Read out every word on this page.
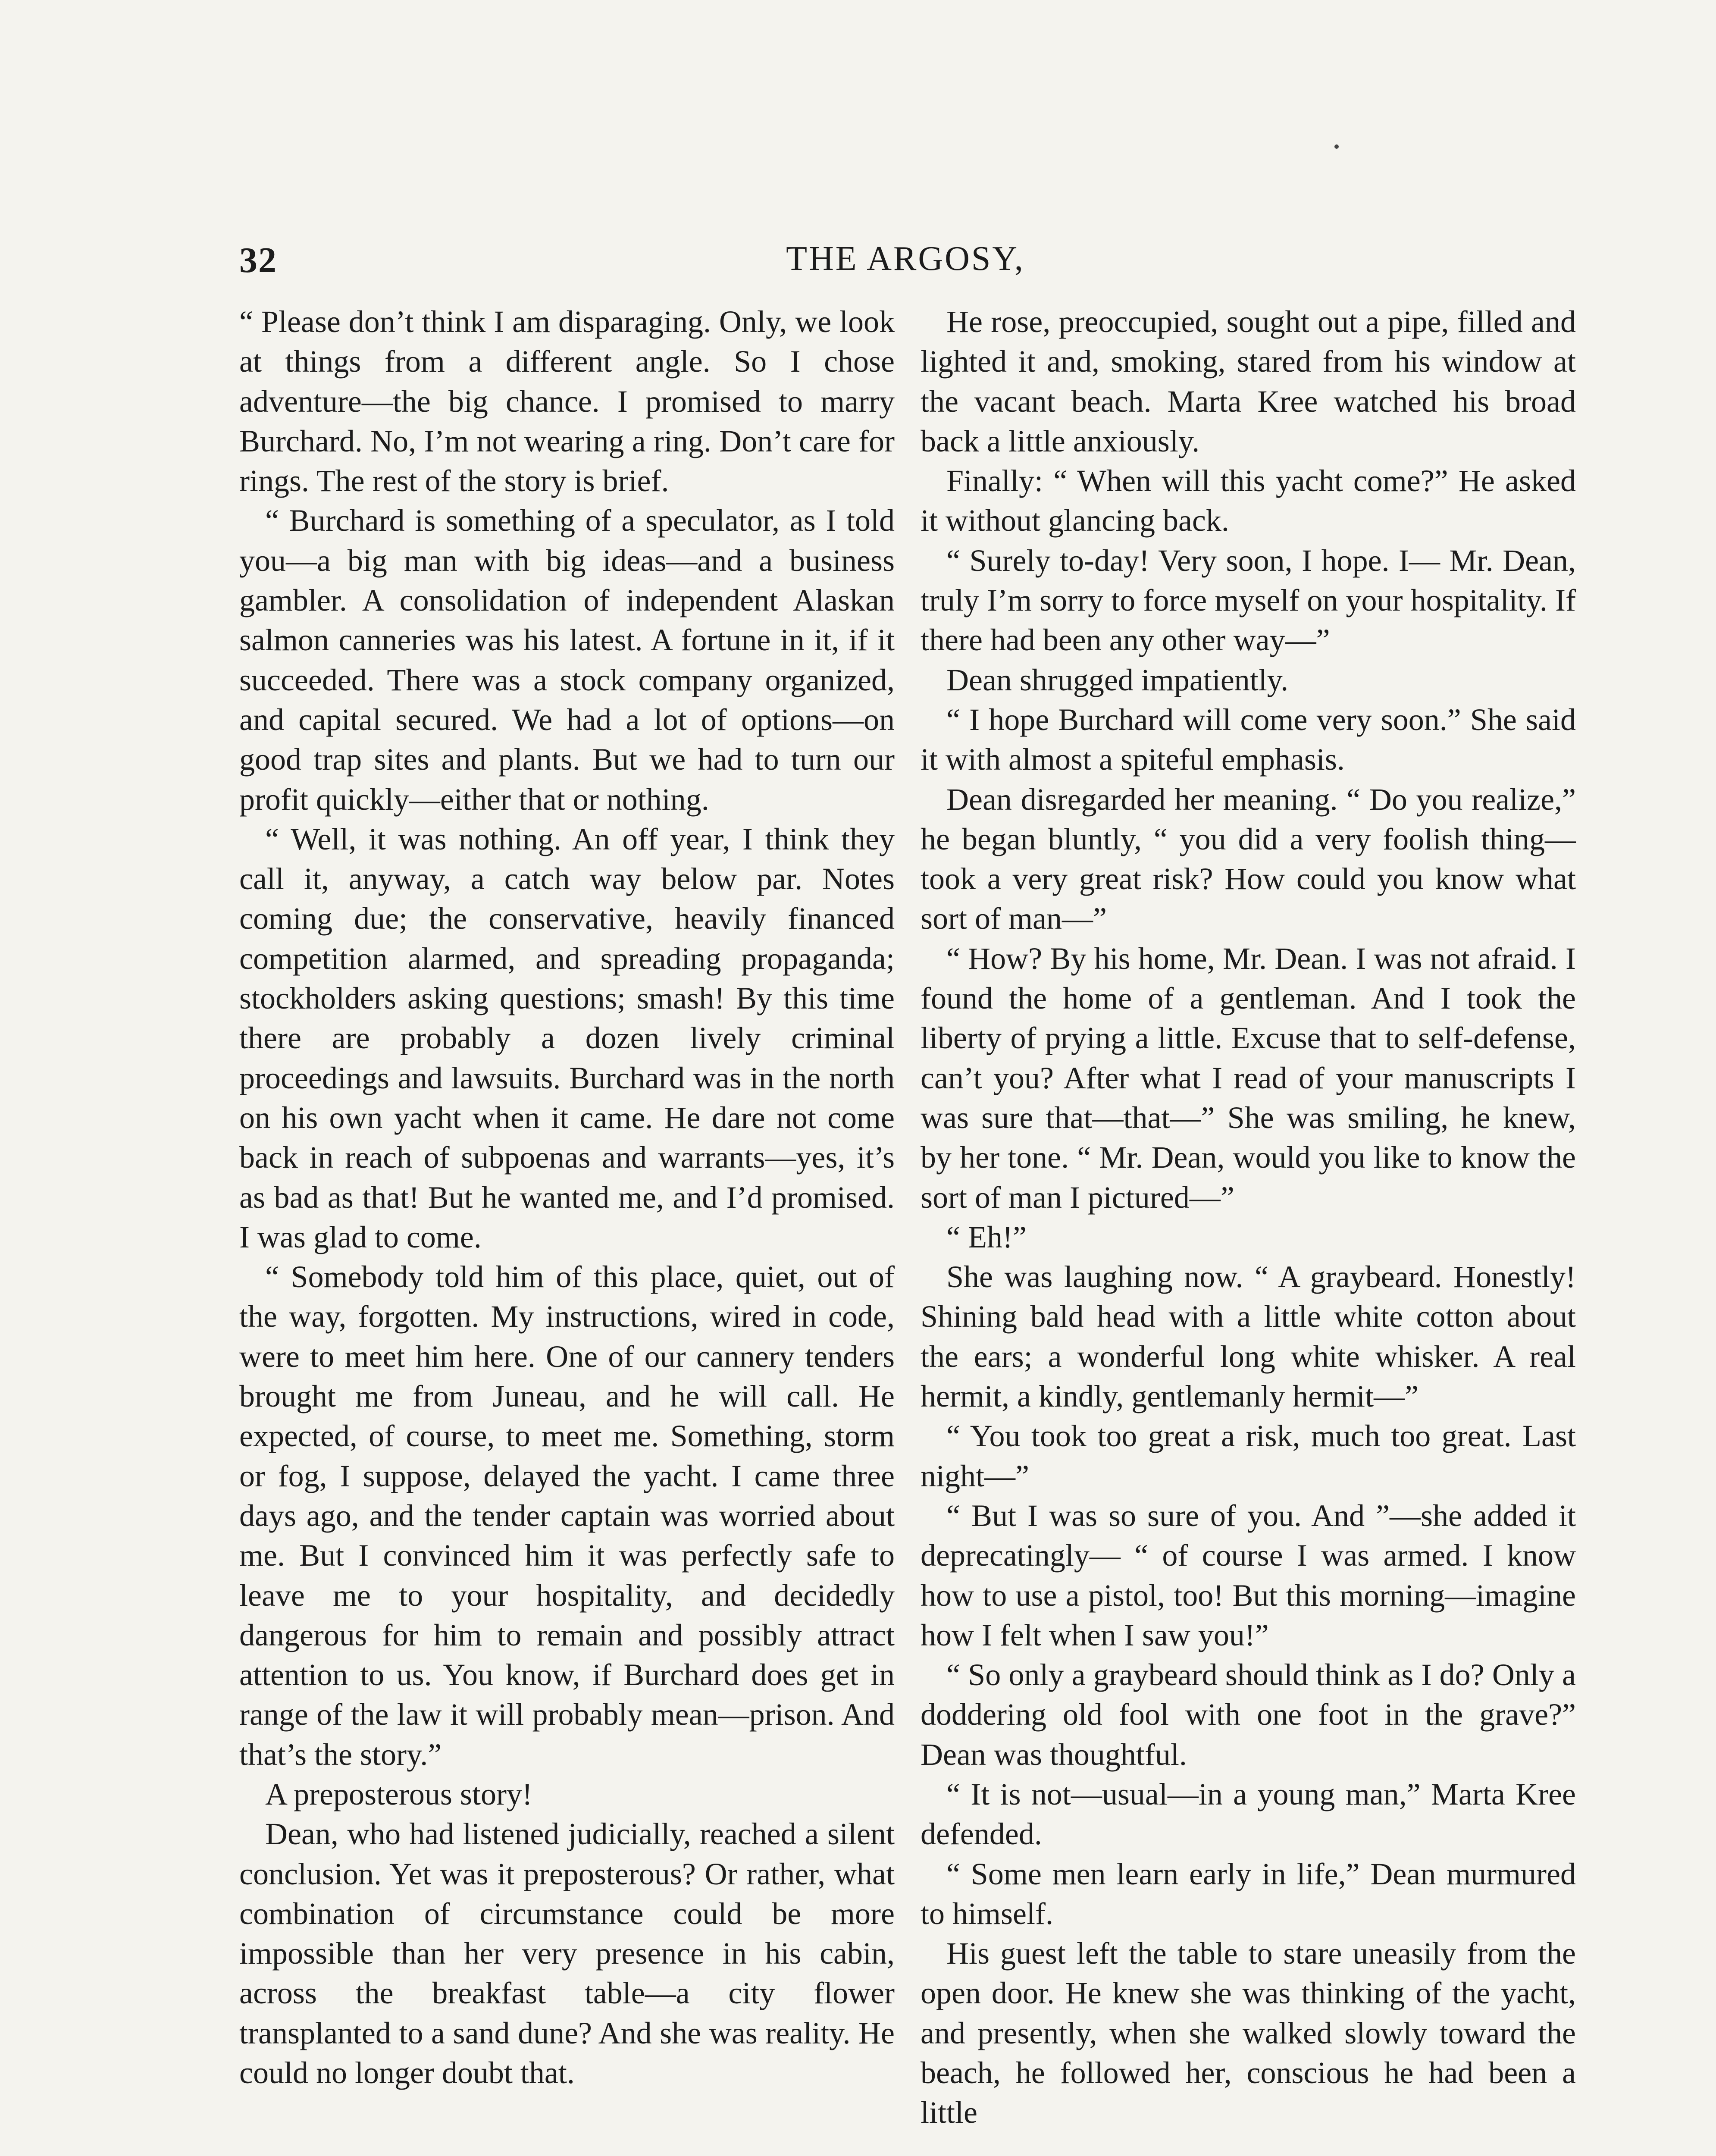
32	THE ARGOSY,

“ Please don’t think I am disparaging. Only, we look at things from a different angle. So I chose adventure—the big chance. I promised to marry Burchard. No, I’m not wearing a ring. Don’t care for rings. The rest of the story is brief.

“ Burchard is something of a speculator, as I told you—a big man with big ideas—and a business gambler. A consolidation of independent Alaskan salmon canneries was his latest. A fortune in it, if it succeeded. There was a stock company organized, and capital secured. We had a lot of options—on good trap sites and plants. But we had to turn our profit quickly—either that or nothing.

“ Well, it was nothing. An off year, I think they call it, anyway, a catch way below par. Notes coming due; the conservative, heavily financed competition alarmed, and spreading propaganda; stockholders asking questions; smash! By this time there are probably a dozen lively criminal proceedings and lawsuits. Burchard was in the north on his own yacht when it came. He dare not come back in reach of subpoenas and warrants—yes, it’s as bad as that! But he wanted me, and I’d promised. I was glad to come.

“ Somebody told him of this place, quiet, out of the way, forgotten. My instructions, wired in code, were to meet him here. One of our cannery tenders brought me from Juneau, and he will call. He expected, of course, to meet me. Something, storm or fog, I suppose, delayed the yacht. I came three days ago, and the tender captain was worried about me. But I convinced him it was perfectly safe to leave me to your hospitality, and decidedly dangerous for him to remain and possibly attract attention to us. You know, if Burchard does get in range of the law it will probably mean—prison. And that’s the story.”

A preposterous story!

Dean, who had listened judicially, reached a silent conclusion. Yet was it preposterous? Or rather, what combination of circumstance could be more impossible than her very presence in his cabin, across the breakfast table—a city flower transplanted to a sand dune? And she was reality. He could no longer doubt that.

He rose, preoccupied, sought out a pipe, filled and lighted it and, smoking, stared from his window at the vacant beach. Marta Kree watched his broad back a little anxiously.

Finally: “ When will this yacht come?” He asked it without glancing back.

“ Surely to-day! Very soon, I hope. I— Mr. Dean, truly I’m sorry to force myself on your hospitality. If there had been any other way—”

Dean shrugged impatiently.

“ I hope Burchard will come very soon.” She said it with almost a spiteful emphasis.

Dean disregarded her meaning. “ Do you realize,” he began bluntly, “ you did a very foolish thing—took a very great risk? How could you know what sort of man—”

“ How? By his home, Mr. Dean. I was not afraid. I found the home of a gentleman. And I took the liberty of prying a little. Excuse that to self-defense, can’t you? After what I read of your manuscripts I was sure that—that—” She was smiling, he knew, by her tone. “ Mr. Dean, would you like to know the sort of man I pictured—”

“ Eh!”

She was laughing now. “ A graybeard. Honestly! Shining bald head with a little white cotton about the ears; a wonderful long white whisker. A real hermit, a kindly, gentlemanly hermit—”

“ You took too great a risk, much too great. Last night—”

“ But I was so sure of you. And ”—she added it deprecatingly— “ of course I was armed. I know how to use a pistol, too! But this morning—imagine how I felt when I saw you!”

“ So only a graybeard should think as I do? Only a doddering old fool with one foot in the grave?” Dean was thoughtful.

“ It is not—usual—in a young man,” Marta Kree defended.

“ Some men learn early in life,” Dean murmured to himself.

His guest left the table to stare uneasily from the open door. He knew she was thinking of the yacht, and presently, when she walked slowly toward the beach, he followed her, conscious he had been a little
